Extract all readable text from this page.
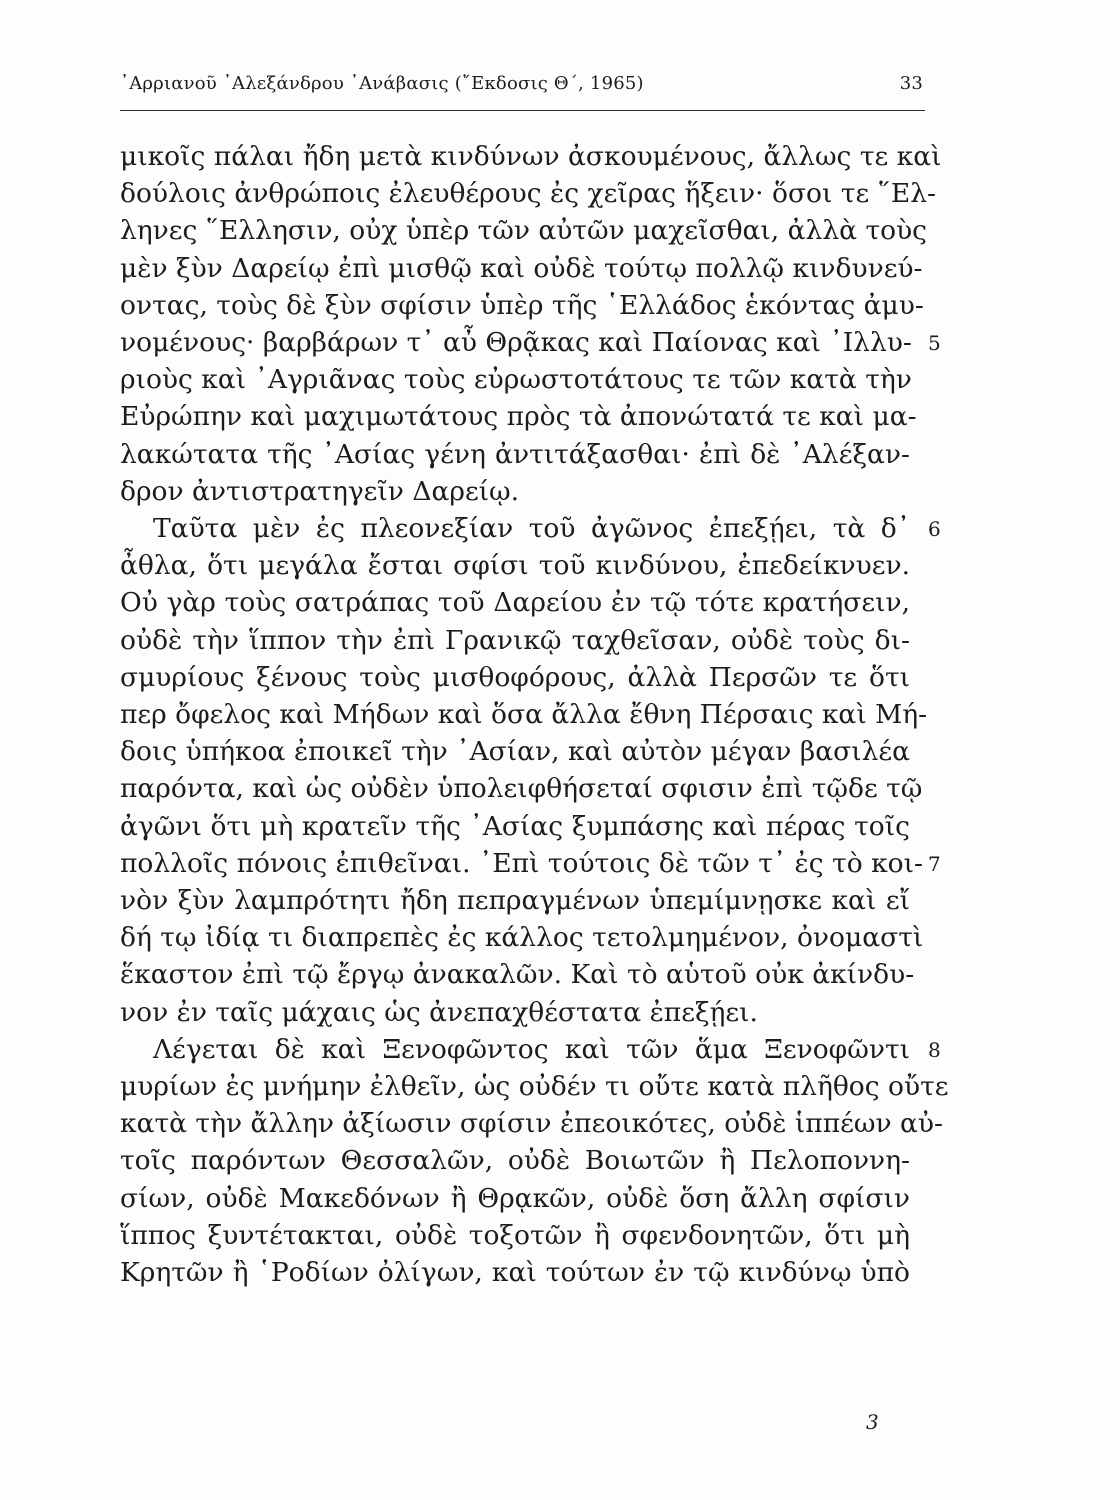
᾿Αρριανοῦ ᾿Αλεξάνδρου ᾿Ανάβασις (῎Εκδοσις Θ΄, 1965)	33
μικοῖς πάλαι ἤδη μετὰ κινδύνων ἀσκουμένους, ἄλλως τε καὶ
δούλοις ἀνθρώποις ἐλευθέρους ἐς χεῖρας ἥξειν· ὅσοι τε ῞Ελ-
ληνες ῞Ελλησιν, οὐχ ὑπὲρ τῶν αὐτῶν μαχεῖσθαι, ἀλλὰ τοὺς
μὲν ξὺν Δαρείῳ ἐπὶ μισθῷ καὶ οὐδὲ τούτῳ πολλῷ κινδυνεύ-
οντας, τοὺς δὲ ξὺν σφίσιν ὑπὲρ τῆς ῾Ελλάδος ἑκόντας ἀμυ-
νομένους· βαρβάρων τ᾿ αὖ Θρᾷκας καὶ Παίονας καὶ ᾿Ιλλυ-
ριοὺς καὶ ᾿Αγριᾶνας τοὺς εὐρωστοτάτους τε τῶν κατὰ τὴν
Εὐρώπην καὶ μαχιμωτάτους πρὸς τὰ ἀπονώτατά τε καὶ μα-
λακώτατα τῆς ᾿Ασίας γένη ἀντιτάξασθαι· ἐπὶ δὲ ᾿Αλέξαν-
δρον ἀντιστρατηγεῖν Δαρείῳ.
Ταῦτα μὲν ἐς πλεονεξίαν τοῦ ἀγῶνος ἐπεξῄει, τὰ δ᾿
ἆθλα, ὅτι μεγάλα ἔσται σφίσι τοῦ κινδύνου, ἐπεδείκνυεν.
Οὐ γὰρ τοὺς σατράπας τοῦ Δαρείου ἐν τῷ τότε κρατήσειν,
οὐδὲ τὴν ἵππον τὴν ἐπὶ Γρανικῷ ταχθεῖσαν, οὐδὲ τοὺς δι-
σμυρίους ξένους τοὺς μισθοφόρους, ἀλλὰ Περσῶν τε ὅτι
περ ὄφελος καὶ Μήδων καὶ ὅσα ἄλλα ἔθνη Πέρσαις καὶ Μή-
δοις ὑπήκοα ἐποικεῖ τὴν ᾿Ασίαν, καὶ αὐτὸν μέγαν βασιλέα
παρόντα, καὶ ὡς οὐδὲν ὑπολειφθήσεταί σφισιν ἐπὶ τῷδε τῷ
ἀγῶνι ὅτι μὴ κρατεῖν τῆς ᾿Ασίας ξυμπάσης καὶ πέρας τοῖς
πολλοῖς πόνοις ἐπιθεῖναι. ᾿Επὶ τούτοις δὲ τῶν τ᾿ ἐς τὸ κοι-
νὸν ξὺν λαμπρότητι ἤδη πεπραγμένων ὑπεμίμνῃσκε καὶ εἴ
δή τῳ ἰδίᾳ τι διαπρεπὲς ἐς κάλλος τετολμημένον, ὀνομαστὶ
ἕκαστον ἐπὶ τῷ ἔργῳ ἀνακαλῶν. Καὶ τὸ αὑτοῦ οὐκ ἀκίνδυ-
νον ἐν ταῖς μάχαις ὡς ἀνεπαχθέστατα ἐπεξῄει.
Λέγεται δὲ καὶ Ξενοφῶντος καὶ τῶν ἅμα Ξενοφῶντι
μυρίων ἐς μνήμην ἐλθεῖν, ὡς οὐδέν τι οὔτε κατὰ πλῆθος οὔτε
κατὰ τὴν ἄλλην ἀξίωσιν σφίσιν ἐπεοικότες, οὐδὲ ἱππέων αὐ-
τοῖς παρόντων Θεσσαλῶν, οὐδὲ Βοιωτῶν ἢ Πελοποννη-
σίων, οὐδὲ Μακεδόνων ἢ Θρᾳκῶν, οὐδὲ ὅση ἄλλη σφίσιν
ἵππος ξυντέτακται, οὐδὲ τοξοτῶν ἢ σφενδονητῶν, ὅτι μὴ
Κρητῶν ἢ ῾Ροδίων ὀλίγων, καὶ τούτων ἐν τῷ κινδύνῳ ὑπὸ
5
6
7
8
3
